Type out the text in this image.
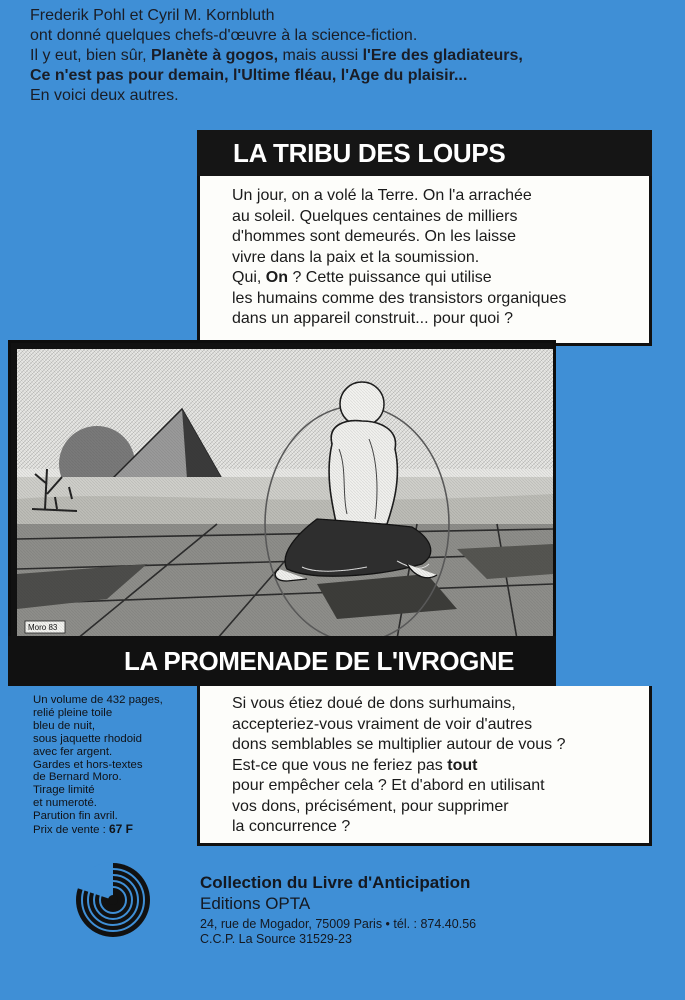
Frederik Pohl et Cyril M. Kornbluth
ont donné quelques chefs-d'œuvre à la science-fiction.
Il y eut, bien sûr, Planète à gogos, mais aussi l'Ere des gladiateurs,
Ce n'est pas pour demain, l'Ultime fléau, l'Age du plaisir...
En voici deux autres.
LA TRIBU DES LOUPS
Un jour, on a volé la Terre. On l'a arrachée
au soleil. Quelques centaines de milliers
d'hommes sont demeurés. On les laisse
vivre dans la paix et la soumission.
Qui, On ? Cette puissance qui utilise
les humains comme des transistors organiques
dans un appareil construit... pour quoi ?
Moro 83
LA PROMENADE DE L'IVROGNE
Si vous étiez doué de dons surhumains,
accepteriez-vous vraiment de voir d'autres
dons semblables se multiplier autour de vous ?
Est-ce que vous ne feriez pas tout
pour empêcher cela ? Et d'abord en utilisant
vos dons, précisément, pour supprimer
la concurrence ?
Un volume de 432 pages,
relié pleine toile
bleu de nuit,
sous jaquette rhodoid
avec fer argent.
Gardes et hors-textes
de Bernard Moro.
Tirage limité
et numeroté.
Parution fin avril.
Prix de vente : 67 F
Collection du Livre d'Anticipation
Editions OPTA
24, rue de Mogador, 75009 Paris • tél. : 874.40.56
C.C.P. La Source 31529-23
